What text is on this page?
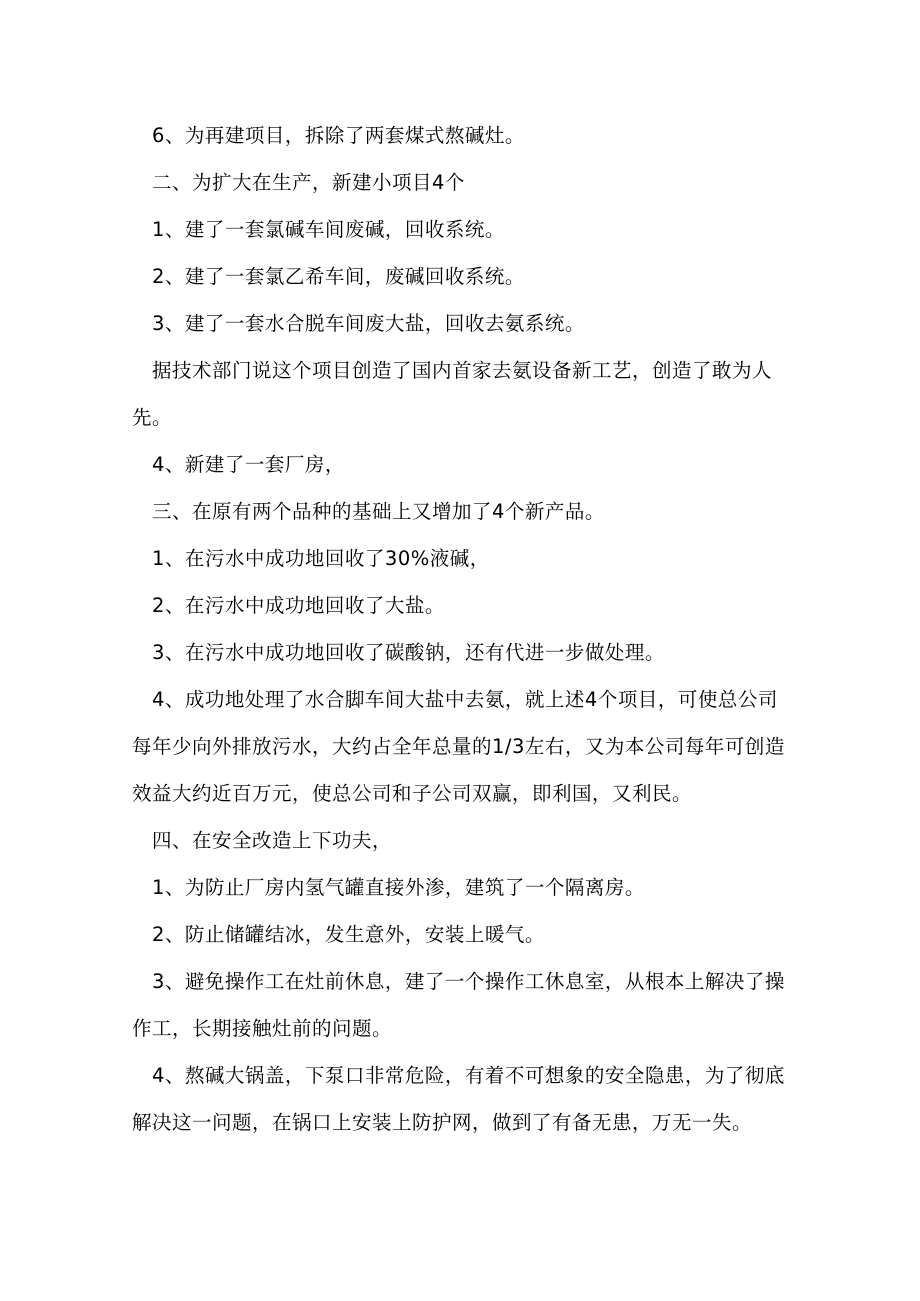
6、为再建项目，拆除了两套煤式熬碱灶。

二、为扩大在生产，新建小项目4个

1、建了一套氯碱车间废碱，回收系统。

2、建了一套氯乙希车间，废碱回收系统。

3、建了一套水合脱车间废大盐，回收去氨系统。

据技术部门说这个项目创造了国内首家去氨设备新工艺，创造了敢为人先。

4、新建了一套厂房，

三、在原有两个品种的基础上又增加了4个新产品。

1、在污水中成功地回收了30%液碱，

2、在污水中成功地回收了大盐。

3、在污水中成功地回收了碳酸钠，还有代进一步做处理。

4、成功地处理了水合脚车间大盐中去氨，就上述4个项目，可使总公司每年少向外排放污水，大约占全年总量的1/3左右，又为本公司每年可创造效益大约近百万元，使总公司和子公司双赢，即利国，又利民。

四、在安全改造上下功夫，

1、为防止厂房内氢气罐直接外渗，建筑了一个隔离房。

2、防止储罐结冰，发生意外，安装上暖气。

3、避免操作工在灶前休息，建了一个操作工休息室，从根本上解决了操作工，长期接触灶前的问题。

4、熬碱大锅盖，下泵口非常危险，有着不可想象的安全隐患，为了彻底解决这一问题，在锅口上安装上防护网，做到了有备无患，万无一失。
